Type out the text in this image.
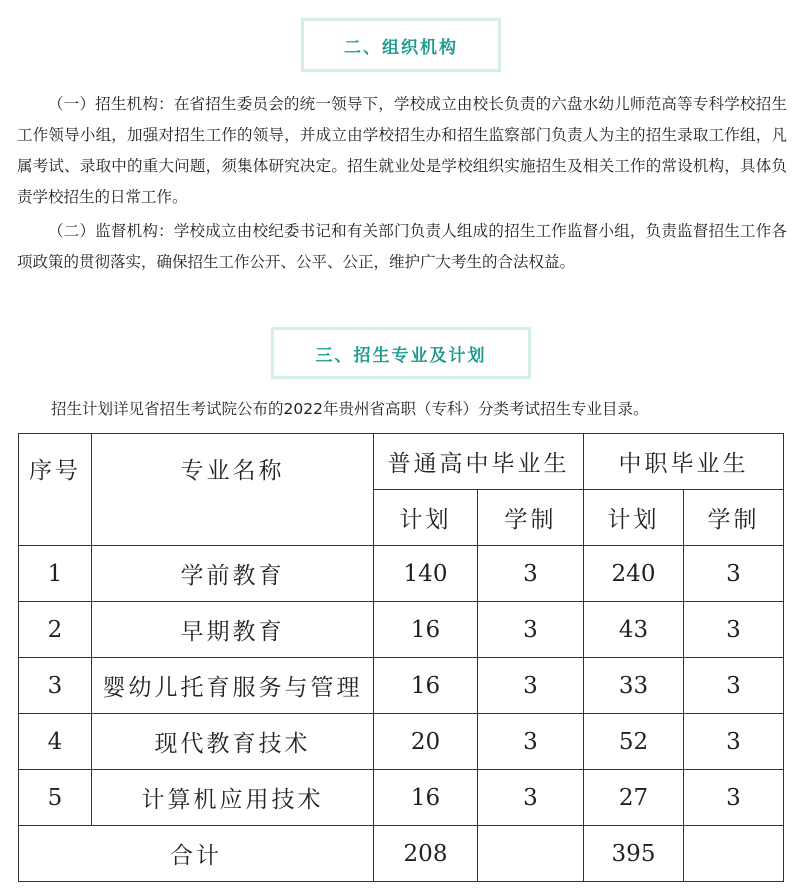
二、组织机构

（一）招生机构：在省招生委员会的统一领导下，学校成立由校长负责的六盘水幼儿师范高等专科学校招生工作领导小组，加强对招生工作的领导，并成立由学校招生办和招生监察部门负责人为主的招生录取工作组，凡属考试、录取中的重大问题，须集体研究决定。招生就业处是学校组织实施招生及相关工作的常设机构，具体负责学校招生的日常工作。

（二）监督机构：学校成立由校纪委书记和有关部门负责人组成的招生工作监督小组，负责监督招生工作各项政策的贯彻落实，确保招生工作公开、公平、公正，维护广大考生的合法权益。

三、招生专业及计划

招生计划详见省招生考试院公布的2022年贵州省高职（专科）分类考试招生专业目录。

序号	专业名称	普通高中毕业生		中职毕业生	
		计划	学制	计划	学制
1	学前教育	140	3	240	3
2	早期教育	16	3	43	3
3	婴幼儿托育服务与管理	16	3	33	3
4	现代教育技术	20	3	52	3
5	计算机应用技术	16	3	27	3
合计		208		395	
